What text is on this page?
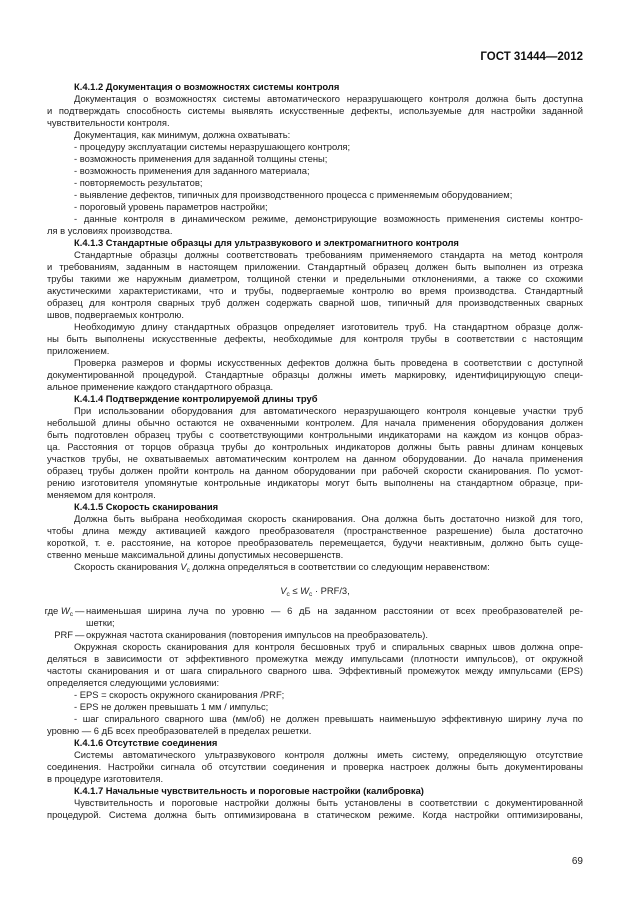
ГОСТ 31444—2012
К.4.1.2 Документация о возможностях системы контроля
Документация о возможностях системы автоматического неразрушающего контроля должна быть доступна
и подтверждать способность системы выявлять искусственные дефекты, используемые для настройки заданной
чувствительности контроля.
Документация, как минимум, должна охватывать:
- процедуру эксплуатации системы неразрушающего контроля;
- возможность применения для заданной толщины стены;
- возможность применения для заданного материала;
- повторяемость результатов;
- выявление дефектов, типичных для производственного процесса с применяемым оборудованием;
- пороговый уровень параметров настройки;
- данные контроля в динамическом режиме, демонстрирующие возможность применения системы контро-
ля в условиях производства.
К.4.1.3 Стандартные образцы для ультразвукового и электромагнитного контроля
Стандартные образцы должны соответствовать требованиям применяемого стандарта на метод контроля
и требованиям, заданным в настоящем приложении. Стандартный образец должен быть выполнен из отрезка
трубы такими же наружным диаметром, толщиной стенки и предельными отклонениями, а также со схожими
акустическими характеристиками, что и трубы, подвергаемые контролю во время производства. Стандартный
образец для контроля сварных труб должен содержать сварной шов, типичный для производственных сварных
швов, подвергаемых контролю.
Необходимую длину стандартных образцов определяет изготовитель труб. На стандартном образце долж-
ны быть выполнены искусственные дефекты, необходимые для контроля трубы в соответствии с настоящим
приложением.
Проверка размеров и формы искусственных дефектов должна быть проведена в соответствии с доступной
документированной процедурой. Стандартные образцы должны иметь маркировку, идентифицирующую специ-
альное применение каждого стандартного образца.
К.4.1.4 Подтверждение контролируемой длины труб
При использовании оборудования для автоматического неразрушающего контроля концевые участки труб
небольшой длины обычно остаются не охваченными контролем. Для начала применения оборудования должен
быть подготовлен образец трубы с соответствующими контрольными индикаторами на каждом из концов образ-
ца. Расстояния от торцов образца трубы до контрольных индикаторов должны быть равны длинам концевых
участков трубы, не охватываемых автоматическим контролем на данном оборудовании. До начала применения
образец трубы должен пройти контроль на данном оборудовании при рабочей скорости сканирования. По усмот-
рению изготовителя упомянутые контрольные индикаторы могут быть выполнены на стандартном образце, при-
меняемом для контроля.
К.4.1.5 Скорость сканирования
Должна быть выбрана необходимая скорость сканирования. Она должна быть достаточно низкой для того,
чтобы длина между активацией каждого преобразователя (пространственное разрешение) была достаточно
короткой, т. е. расстояние, на которое преобразователь перемещается, будучи неактивным, должно быть суще-
ственно меньше максимальной длины допустимых несовершенств.
Скорость сканирования $V_с$ должна определяться в соответствии со следующим неравенством:
$V_с \le W_с \cdot PRF/3$,
где $W_с$ — наименьшая ширина луча по уровню — 6 дБ на заданном расстоянии от всех преобразователей ре-
шетки;
PRF — окружная частота сканирования (повторения импульсов на преобразователь).
Окружная скорость сканирования для контроля бесшовных труб и спиральных сварных швов должна опре-
деляться в зависимости от эффективного промежутка между импульсами (плотности импульсов), от окружной
частоты сканирования и от шага спирального сварного шва. Эффективный промежуток между импульсами (EPS)
определяется следующими условиями:
- EPS = скорость окружного сканирования /PRF;
- EPS не должен превышать 1 мм / импульс;
- шаг спирального сварного шва (мм/об) не должен превышать наименьшую эффективную ширину луча по
уровню — 6 дБ всех преобразователей в пределах решетки.
К.4.1.6 Отсутствие соединения
Системы автоматического ультразвукового контроля должны иметь систему, определяющую отсутствие
соединения. Настройки сигнала об отсутствии соединения и проверка настроек должны быть документированы
в процедуре изготовителя.
К.4.1.7 Начальные чувствительность и пороговые настройки (калибровка)
Чувствительность и пороговые настройки должны быть установлены в соответствии с документированной
процедурой. Система должна быть оптимизирована в статическом режиме. Когда настройки оптимизированы,
69
